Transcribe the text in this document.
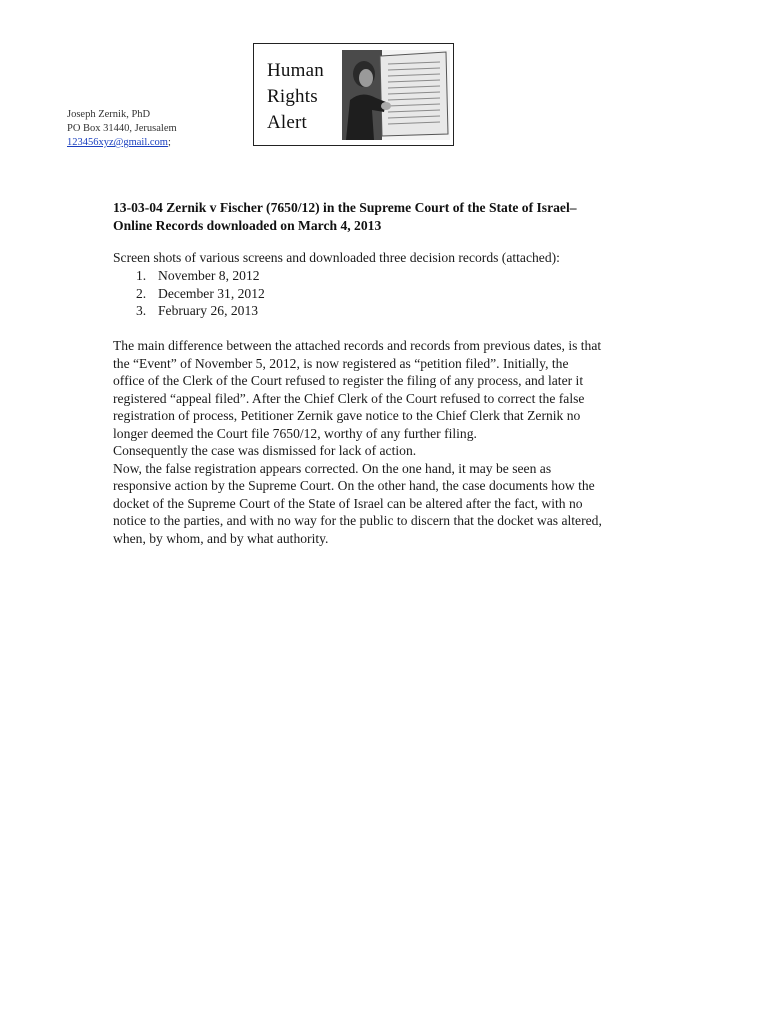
Human
Rights
Alert
Joseph Zernik, PhD
PO Box 31440, Jerusalem
123456xyz@gmail.com;
13-03-04 Zernik v Fischer (7650/12) in the Supreme Court of the State of Israel–
Online Records downloaded on March 4, 2013
Screen shots of various screens and downloaded three decision records (attached):
1. November 8, 2012
2. December 31, 2012
3. February 26, 2013
The main difference between the attached records and records from previous dates, is that
the “Event” of November 5, 2012, is now registered as “petition filed”. Initially, the
office of the Clerk of the Court refused to register the filing of any process, and later it
registered “appeal filed”. After the Chief Clerk of the Court refused to correct the false
registration of process, Petitioner Zernik gave notice to the Chief Clerk that Zernik no
longer deemed the Court file 7650/12, worthy of any further filing.
Consequently the case was dismissed for lack of action.
Now, the false registration appears corrected. On the one hand, it may be seen as
responsive action by the Supreme Court. On the other hand, the case documents how the
docket of the Supreme Court of the State of Israel can be altered after the fact, with no
notice to the parties, and with no way for the public to discern that the docket was altered,
when, by whom, and by what authority.
